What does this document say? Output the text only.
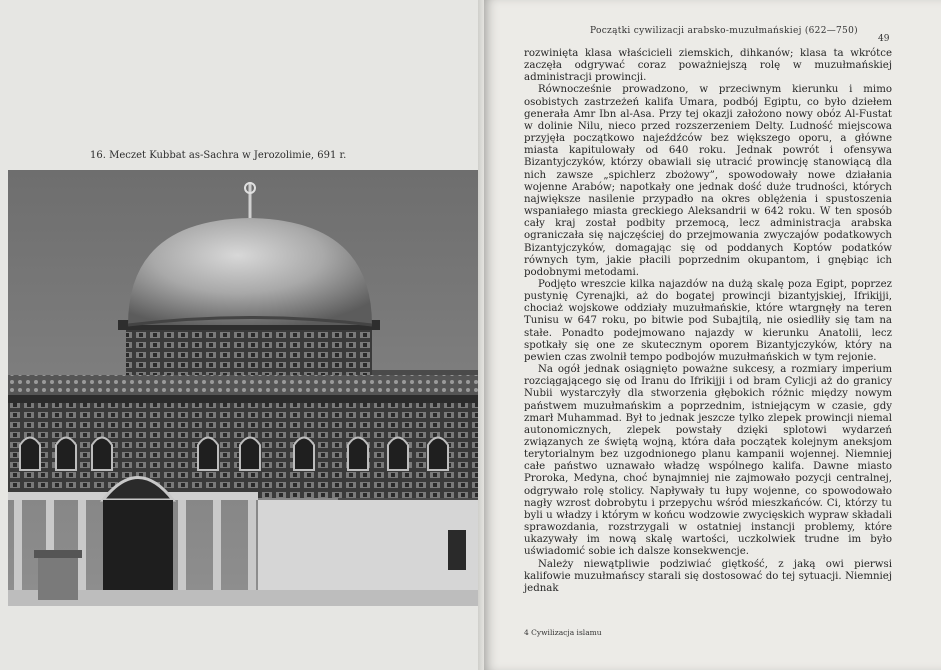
16. Meczet Kubbat as-Sachra w Jerozolimie, 691 r.
Początki cywilizacji arabsko-muzułmańskiej (622—750)
49

rozwinięta klasa właścicieli ziemskich, dihkanów; klasa ta wkrótce zaczęła odgrywać coraz poważniejszą rolę w muzułmańskiej administracji prowincji.

Równocześnie prowadzono, w przeciwnym kierunku i mimo osobistych zastrzeżeń kalifa Umara, podbój Egiptu, co było dziełem generała Amr Ibn al-Asa. Przy tej okazji założono nowy obóz Al-Fustat w dolinie Nilu, nieco przed rozszerzeniem Delty. Ludność miejscowa przyjęła początkowo najeźdźców bez większego oporu, a główne miasta kapitulowały od 640 roku. Jednak powrót i ofensywa Bizantyjczyków, którzy obawiali się utracić prowincję stanowiącą dla nich zawsze „spichlerz zbożowy”, spowodowały nowe działania wojenne Arabów; napotkały one jednak dość duże trudności, których największe nasilenie przypadło na okres oblężenia i spustoszenia wspaniałego miasta greckiego Aleksandrii w 642 roku. W ten sposób cały kraj został podbity przemocą, lecz administracja arabska ograniczała się najczęściej do przejmowania zwyczajów podatkowych Bizantyjczyków, domagając się od poddanych Koptów podatków równych tym, jakie płacili poprzednim okupantom, i gnębiąc ich podobnymi metodami.

Podjęto wreszcie kilka najazdów na dużą skalę poza Egipt, poprzez pustynię Cyrenajki, aż do bogatej prowincji bizantyjskiej, Ifrikijji, chociaż wojskowe oddziały muzułmańskie, które wtargnęły na teren Tunisu w 647 roku, po bitwie pod Subajtilą, nie osiedliły się tam na stałe. Ponadto podejmowano najazdy w kierunku Anatolii, lecz spotkały się one ze skutecznym oporem Bizantyjczyków, który na pewien czas zwolnił tempo podbojów muzułmańskich w tym rejonie.

Na ogół jednak osiągnięto poważne sukcesy, a rozmiary imperium rozciągającego się od Iranu do Ifrikijji i od bram Cylicji aż do granicy Nubii wystarczyły dla stworzenia głębokich różnic między nowym państwem muzułmańskim a poprzednim, istniejącym w czasie, gdy zmarł Muhammad. Był to jednak jeszcze tylko zlepek prowincji niemal autonomicznych, zlepek powstały dzięki splotowi wydarzeń związanych ze świętą wojną, która dała początek kolejnym aneksjom terytorialnym bez uzgodnionego planu kampanii wojennej. Niemniej całe państwo uznawało władzę wspólnego kalifa. Dawne miasto Proroka, Medyna, choć bynajmniej nie zajmowało pozycji centralnej, odgrywało rolę stolicy. Napływały tu łupy wojenne, co spowodowało nagły wzrost dobrobytu i przepychu wśród mieszkańców. Ci, którzy tu byli u władzy i którym w końcu wodzowie zwycięskich wypraw składali sprawozdania, rozstrzygali w ostatniej instancji problemy, które ukazywały im nową skalę wartości, uczkolwiek trudne im było uświadomić sobie ich dalsze konsekwencje.

Należy niewątpliwie podziwiać giętkość, z jaką owi pierwsi kalifowie muzułmańscy starali się dostosować do tej sytuacji. Niemniej jednak

4 Cywilizacja islamu
